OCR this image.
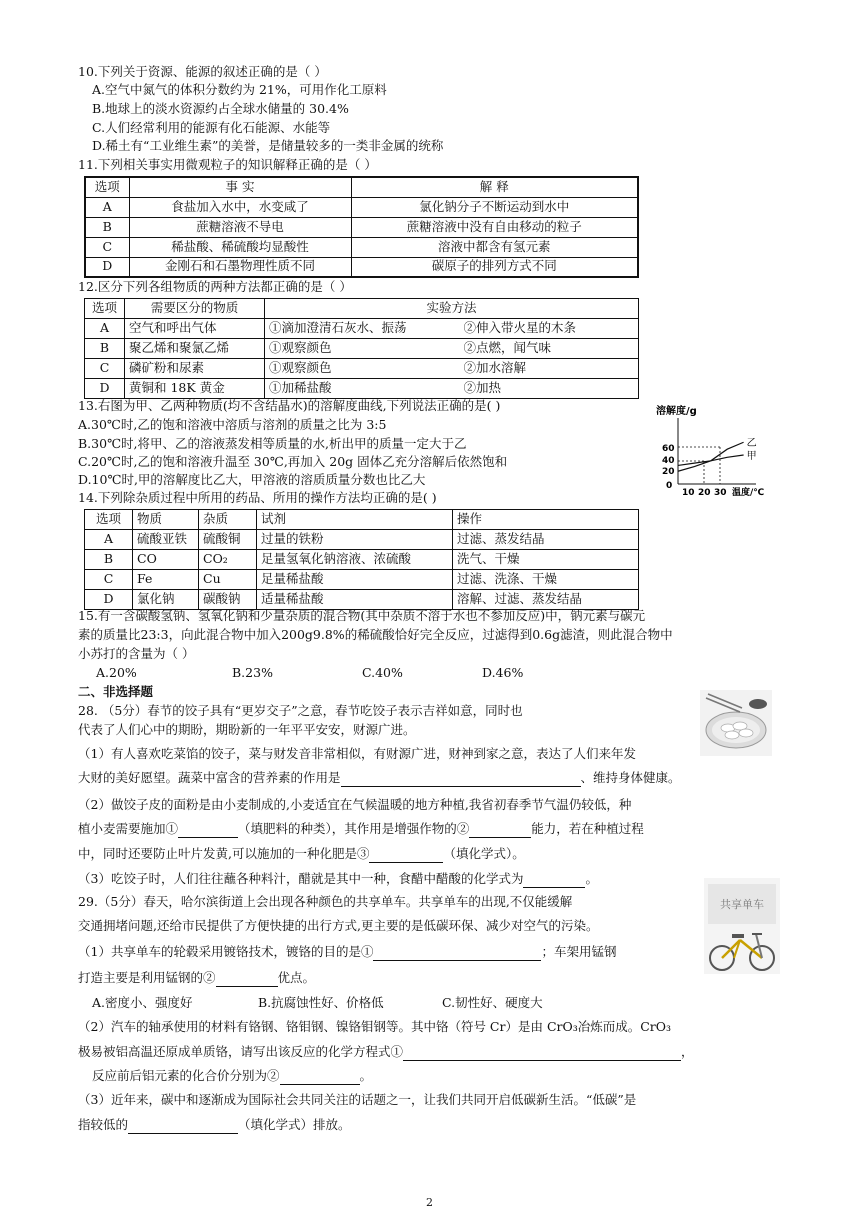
10.下列关于资源、能源的叙述正确的是（ ）
A.空气中氮气的体积分数约为 21%，可用作化工原料
B.地球上的淡水资源约占全球水储量的 30.4%
C.人们经常利用的能源有化石能源、水能等
D.稀土有“工业维生素”的美誉，是储量较多的一类非金属的统称
11.下列相关事实用微观粒子的知识解释正确的是（ ）
选项	事 实	解 释
A	食盐加入水中，水变咸了	氯化钠分子不断运动到水中
B	蔗糖溶液不导电	蔗糖溶液中没有自由移动的粒子
C	稀盐酸、稀硫酸均显酸性	溶液中都含有氢元素
D	金刚石和石墨物理性质不同	碳原子的排列方式不同
12.区分下列各组物质的两种方法都正确的是（ ）
选项	需要区分的物质	实验方法	
A	空气和呼出气体	①滴加澄清石灰水、振荡	②伸入带火星的木条
B	聚乙烯和聚氯乙烯	①观察颜色	②点燃，闻气味
C	磷矿粉和尿素	①观察颜色	②加水溶解
D	黄铜和 18K 黄金	①加稀盐酸	②加热
13.右图为甲、乙两种物质(均不含结晶水)的溶解度曲线,下列说法正确的是( )
A.30℃时,乙的饱和溶液中溶质与溶剂的质量之比为 3:5
B.30℃时,将甲、乙的溶液蒸发相等质量的水,析出甲的质量一定大于乙
C.20℃时,乙的饱和溶液升温至 30℃,再加入 20g 固体乙充分溶解后依然饱和
D.10℃时,甲的溶解度比乙大，甲溶液的溶质质量分数也比乙大
溶解度/g
60
40
20
0
10 20 30 温度/℃
乙
甲
14.下列除杂质过程中所用的药品、所用的操作方法均正确的是( )
选项	物质	杂质	试剂	操作
A	硫酸亚铁	硫酸铜	过量的铁粉	过滤、蒸发结晶
B	CO	CO₂	足量氢氧化钠溶液、浓硫酸	洗气、干燥
C	Fe	Cu	足量稀盐酸	过滤、洗涤、干燥
D	氯化钠	碳酸钠	适量稀盐酸	溶解、过滤、蒸发结晶
15.有一含碳酸氢钠、氢氧化钠和少量杂质的混合物(其中杂质不溶于水也不参加反应)中，钠元素与碳元
素的质量比23:3，向此混合物中加入200g9.8%的稀硫酸恰好完全反应，过滤得到0.6g滤渣，则此混合物中
小苏打的含量为（ ）
A.20%	B.23%	C.40%	D.46%
二、非选择题
28. （5分）春节的饺子具有“更岁交子”之意，春节吃饺子表示吉祥如意，同时也
代表了人们心中的期盼，期盼新的一年平平安安，财源广进。
（1）有人喜欢吃菜馅的饺子，菜与财发音非常相似，有财源广进，财神到家之意，表达了人们来年发
大财的美好愿望。蔬菜中富含的营养素的作用是	、维持身体健康。
（2）做饺子皮的面粉是由小麦制成的,小麦适宜在气候温暖的地方种植,我省初春季节气温仍较低，种
植小麦需要施加①	（填肥料的种类），其作用是增强作物的②	能力，若在种植过程
中，同时还要防止叶片发黄,可以施加的一种化肥是③	（填化学式）。
（3）吃饺子时，人们往往蘸各种料汁，醋就是其中一种，食醋中醋酸的化学式为	。
29.（5分）春天，哈尔滨街道上会出现各种颜色的共享单车。共享单车的出现,不仅能缓解
交通拥堵问题,还给市民提供了方便快捷的出行方式,更主要的是低碳环保、减少对空气的污染。
共享单车
（1）共享单车的轮毂采用镀铬技术，镀铬的目的是①	；车架用锰钢
打造主要是利用锰钢的②	优点。
A.密度小、强度好	B.抗腐蚀性好、价格低	C.韧性好、硬度大
（2）汽车的轴承使用的材料有铬钢、铬钼钢、镍铬钼钢等。其中铬（符号 Cr）是由 CrO₃冶炼而成。CrO₃
极易被铝高温还原成单质铬，请写出该反应的化学方程式①	，
反应前后铝元素的化合价分别为②	。
（3）近年来，碳中和逐渐成为国际社会共同关注的话题之一，让我们共同开启低碳新生活。“低碳”是
指较低的	（填化学式）排放。
2
